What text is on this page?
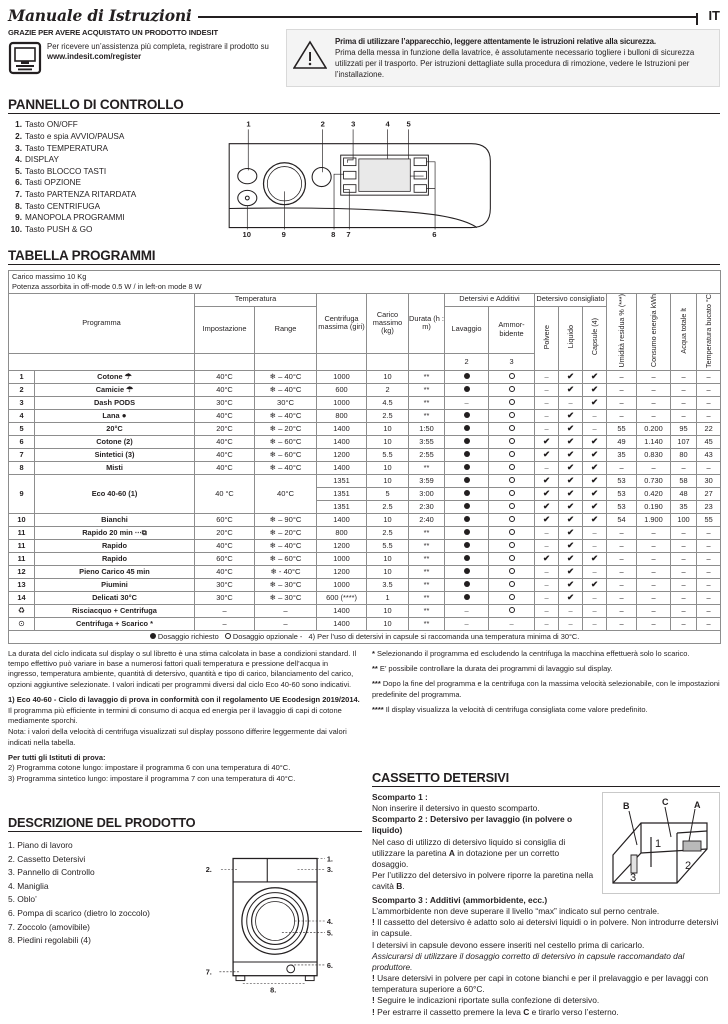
Manuale di Istruzioni	IT
GRAZIE PER AVERE ACQUISTATO UN PRODOTTO INDESIT
Per ricevere un’assistenza più completa, registrare il prodotto su www.indesit.com/register
Prima di utilizzare l’apparecchio, leggere attentamente le istruzioni relative alla sicurezza.
Prima della messa in funzione della lavatrice, è assolutamente necessario togliere i bulloni di sicurezza utilizzati per il trasporto. Per istruzioni dettagliate sulla procedura di rimozione, vedere le Istruzioni per l’installazione.
PANNELLO DI CONTROLLO
1. Tasto ON/OFF
2. Tasto e spia AVVIO/PAUSA
3. Tasto TEMPERATURA
4. DISPLAY
5. Tasto BLOCCO TASTI
6. Tasti OPZIONE
7. Tasto PARTENZA RITARDATA
8. Tasto CENTRIFUGA
9. MANOPOLA PROGRAMMI
10. Tasto PUSH & GO
1	2	3	4 5
10	9	8 7	6
TABELLA PROGRAMMI
Carico massimo 10 Kg
Potenza assorbita in off-mode 0.5 W / in left-on mode 8 W															

Programma		Temperatura		Centrifuga massima (giri)	Carico massimo (kg)	Durata (h : m)	Detersivi e Additivi		Detersivo consigliato			Umidità residua % (***)	Consumo energia kWh	Acqua totale lt	Temperatura bucato °C
		Impostazione	Range				Lavaggio	Ammor-bidente	Polvere	Liquido	Capsule (4)				
							2	3							
1	Cotone ☂	40°C	❄ – 40°C	1000	10	**			–	✔	✔	–	–	–	–
2	Camicie ☂	40°C	❄ – 40°C	600	2	**			–	✔	✔	–	–	–	–
3	Dash PODS	30°C	30°C	1000	4.5	**	–		–	–	✔	–	–	–	–
4	Lana ●	40°C	❄ – 40°C	800	2.5	**			–	✔	–	–	–	–	–
5	20°C	20°C	❄ – 20°C	1400	10	1:50			–	✔	–	55	0.200	95	22
6	Cotone (2)	40°C	❄ – 60°C	1400	10	3:55			✔	✔	✔	49	1.140	107	45
7	Sintetici (3)	40°C	❄ – 60°C	1200	5.5	2:55			✔	✔	✔	35	0.830	80	43
8	Misti	40°C	❄ – 40°C	1400	10	**			–	✔	✔	–	–	–	–
9	Eco 40-60 (1)	40 °C	40°C	1351	10	3:59			✔	✔	✔	53	0.730	58	30
				1351	5	3:00			✔	✔	✔	53	0.420	48	27
				1351	2.5	2:30			✔	✔	✔	53	0.190	35	23
10	Bianchi	60°C	❄ – 90°C	1400	10	2:40			✔	✔	✔	54	1.900	100	55
11	Rapido 20 min ⋯⧉	20°C	❄ – 20°C	800	2.5	**			–	✔	–	–	–	–	–
11	Rapido	40°C	❄ – 40°C	1200	5.5	**			–	✔	–	–	–	–	–
11	Rapido	60°C	❄ – 60°C	1000	10	**			✔	✔	✔	–	–	–	–
12	Pieno Carico 45 min	40°C	❄ - 40°C	1200	10	**			–	✔	–	–	–	–	–
13	Piumini	30°C	❄ – 30°C	1000	3.5	**			–	✔	✔	–	–	–	–
14	Delicati 30°C	30°C	❄ – 30°C	600 (****)	1	**			–	✔	–	–	–	–	–
♻	Risciacquo + Centrifuga	–	–	1400	10	**	–		–	–	–	–	–	–	–
⊙	Centrifuga + Scarico *	–	–	1400	10	**	–	–	–	–	–	–	–	–	–
Dosaggio richiesto Dosaggio opzionale - 4) Per l’uso di detersivi in capsule si raccomanda una temperatura minima di 30°C.															

La durata del ciclo indicata sul display o sul libretto è una stima calcolata in base a condizioni standard. Il tempo effettivo può variare in base a numerosi fattori quali temperatura e pressione dell’acqua in ingresso, temperatura ambiente, quantità di detersivo, quantità e tipo di carico, bilanciamento del carico, opzioni aggiuntive selezionate. I valori indicati per programmi diversi dal ciclo Eco 40-60 sono indicativi.

1) Eco 40-60 - Ciclo di lavaggio di prova in conformità con il regolamento UE Ecodesign 2019/2014. Il programma più efficiente in termini di consumo di acqua ed energia per il lavaggio di capi di cotone mediamente sporchi.

Nota: i valori della velocità di centrifuga visualizzati sul display possono differire leggermente dai valori indicati nella tabella.

Per tutti gli Istituti di prova:

2) Programma cotone lungo: impostare il programma 6 con una temperatura di 40°C.

3) Programma sintetico lungo: impostare il programma 7 con una temperatura di 40°C.

* Selezionando il programma ed escludendo la centrifuga la macchina effettuerà solo lo scarico.

** E’ possibile controllare la durata dei programmi di lavaggio sul display.

*** Dopo la fine del programma e la centrifuga con la massima velocità selezionabile, con le impostazioni predefinite del programma.

**** Il display visualizza la velocità di centrifuga consigliata come valore predefinito.

DESCRIZIONE DEL PRODOTTO
1. Piano di lavoro
2. Cassetto Detersivi
3. Pannello di Controllo
4. Maniglia
5. Oblo’
6. Pompa di scarico (dietro lo zoccolo)
7. Zoccolo (amovibile)
8. Piedini regolabili (4)
1.
2.	3.
4.
5.
6.
7.
8.
CASSETTO DETERSIVI
Scomparto 1 :
Non inserire il detersivo in questo scomparto.
Scomparto 2 : Detersivo per lavaggio (in polvere o liquido)
Nel caso di utilizzo di detersivo liquido si consiglia di utilizzare la paretina A in dotazione per un corretto dosaggio.
Per l’utilizzo del detersivo in polvere riporre la paretina nella cavità B.
B	C	A
1
2
3
Scomparto 3 : Additivi (ammorbidente, ecc.)
L’ammorbidente non deve superare il livello “max” indicato sul perno centrale.
! Il cassetto del detersivo è adatto solo ai detersivi liquidi o in polvere. Non introdurre detersivi in capsule.
I detersivi in capsule devono essere inseriti nel cestello prima di caricarlo.
Assicurarsi di utilizzare il dosaggio corretto di detersivo in capsule raccomandato dal produttore.
! Usare detersivi in polvere per capi in cotone bianchi e per il prelavaggio e per lavaggi con temperatura superiore a 60°C.
! Seguire le indicazioni riportate sulla confezione di detersivo.
! Per estrarre il cassetto premere la leva C e tirarlo verso l’esterno.
